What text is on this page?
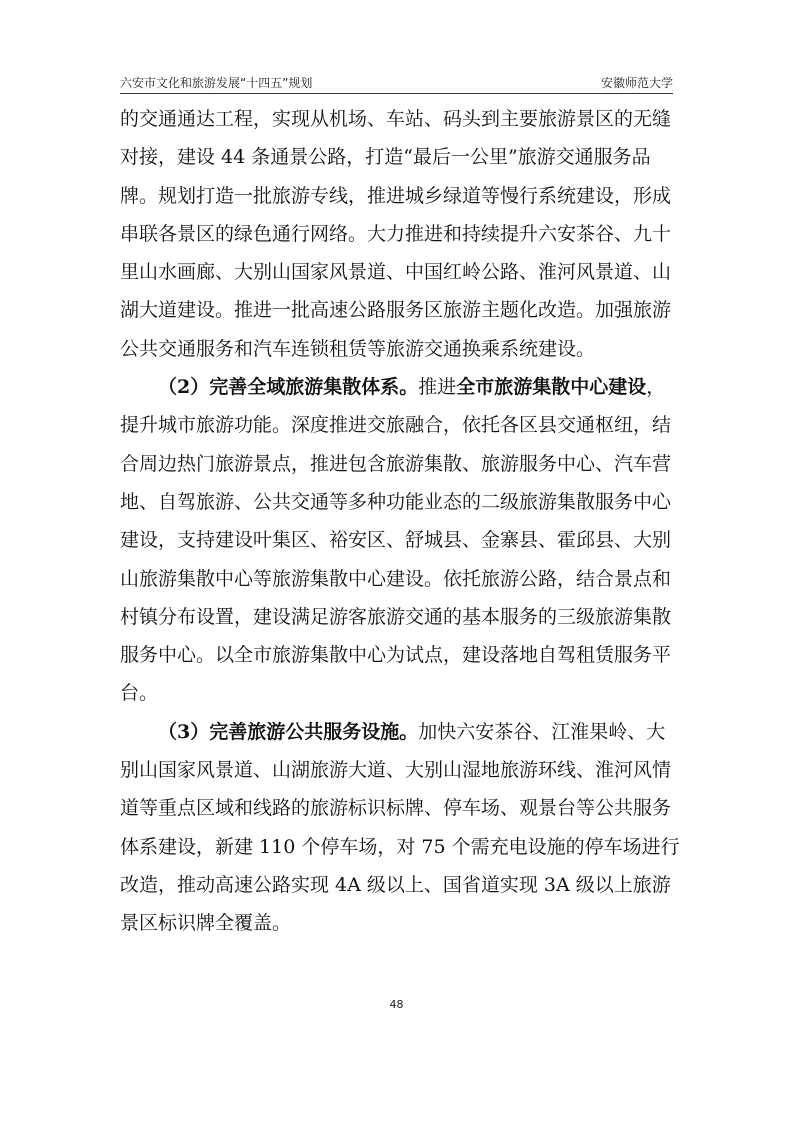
六安市文化和旅游发展“十四五”规划	安徽师范大学

的交通通达工程，实现从机场、车站、码头到主要旅游景区的无缝对接，建设 44 条通景公路，打造“最后一公里”旅游交通服务品牌。规划打造一批旅游专线，推进城乡绿道等慢行系统建设，形成串联各景区的绿色通行网络。大力推进和持续提升六安茶谷、九十里山水画廊、大别山国家风景道、中国红岭公路、淮河风景道、山湖大道建设。推进一批高速公路服务区旅游主题化改造。加强旅游公共交通服务和汽车连锁租赁等旅游交通换乘系统建设。

（2）完善全域旅游集散体系。推进全市旅游集散中心建设，提升城市旅游功能。深度推进交旅融合，依托各区县交通枢纽，结合周边热门旅游景点，推进包含旅游集散、旅游服务中心、汽车营地、自驾旅游、公共交通等多种功能业态的二级旅游集散服务中心建设，支持建设叶集区、裕安区、舒城县、金寨县、霍邱县、大别山旅游集散中心等旅游集散中心建设。依托旅游公路，结合景点和村镇分布设置，建设满足游客旅游交通的基本服务的三级旅游集散服务中心。以全市旅游集散中心为试点，建设落地自驾租赁服务平台。

（3）完善旅游公共服务设施。加快六安茶谷、江淮果岭、大别山国家风景道、山湖旅游大道、大别山湿地旅游环线、淮河风情道等重点区域和线路的旅游标识标牌、停车场、观景台等公共服务体系建设，新建 110 个停车场，对 75 个需充电设施的停车场进行改造，推动高速公路实现 4A 级以上、国省道实现 3A 级以上旅游景区标识牌全覆盖。

48
